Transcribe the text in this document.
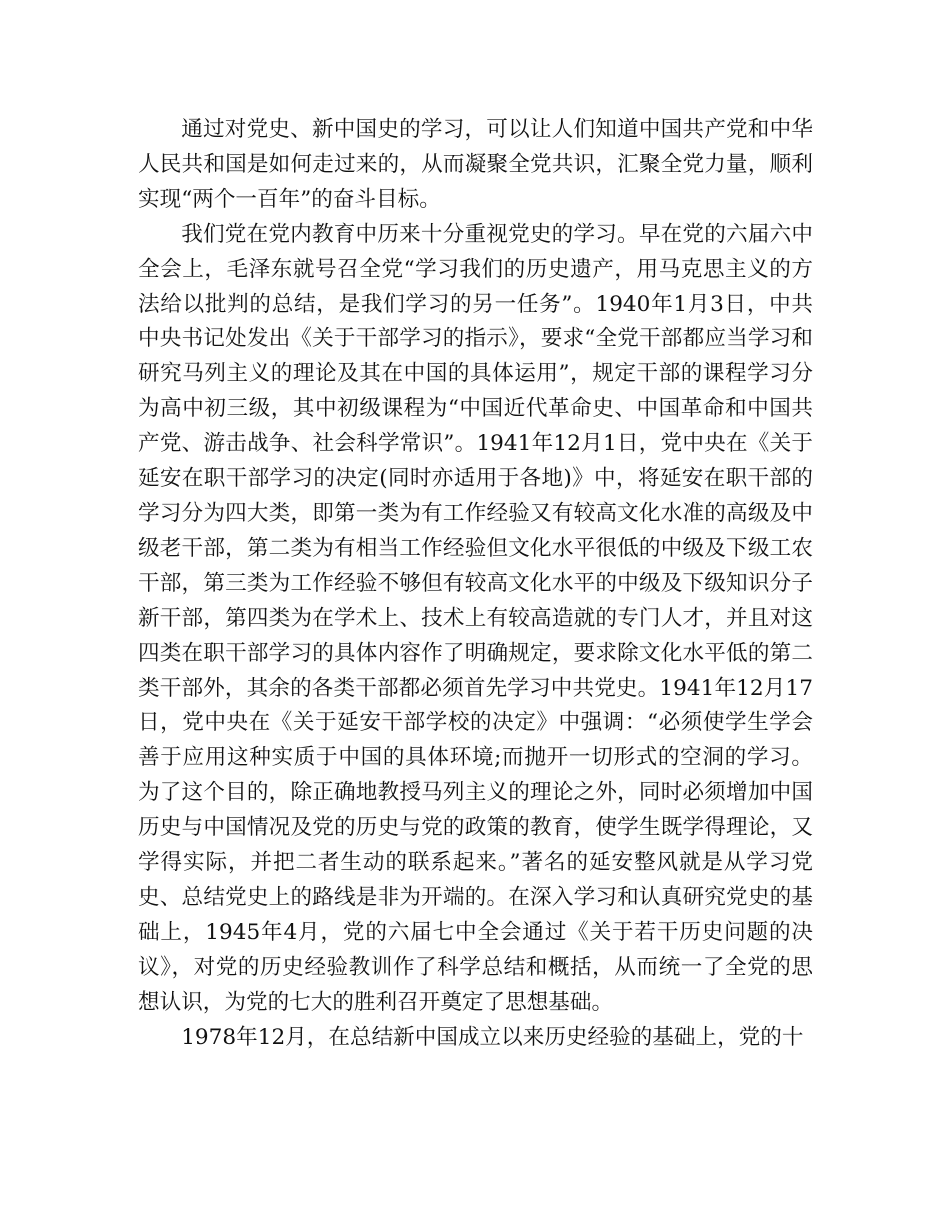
通过对党史、新中国史的学习，可以让人们知道中国共产党和中华人民共和国是如何走过来的，从而凝聚全党共识，汇聚全党力量，顺利实现“两个一百年”的奋斗目标。

我们党在党内教育中历来十分重视党史的学习。早在党的六届六中全会上，毛泽东就号召全党“学习我们的历史遗产，用马克思主义的方法给以批判的总结，是我们学习的另一任务”。1940年1月3日，中共中央书记处发出《关于干部学习的指示》，要求“全党干部都应当学习和研究马列主义的理论及其在中国的具体运用”，规定干部的课程学习分为高中初三级，其中初级课程为“中国近代革命史、中国革命和中国共产党、游击战争、社会科学常识”。1941年12月1日，党中央在《关于延安在职干部学习的决定(同时亦适用于各地)》中，将延安在职干部的学习分为四大类，即第一类为有工作经验又有较高文化水准的高级及中级老干部，第二类为有相当工作经验但文化水平很低的中级及下级工农干部，第三类为工作经验不够但有较高文化水平的中级及下级知识分子新干部，第四类为在学术上、技术上有较高造就的专门人才，并且对这四类在职干部学习的具体内容作了明确规定，要求除文化水平低的第二类干部外，其余的各类干部都必须首先学习中共党史。1941年12月17日，党中央在《关于延安干部学校的决定》中强调：“必须使学生学会善于应用这种实质于中国的具体环境;而抛开一切形式的空洞的学习。为了这个目的，除正确地教授马列主义的理论之外，同时必须增加中国历史与中国情况及党的历史与党的政策的教育，使学生既学得理论，又学得实际，并把二者生动的联系起来。”著名的延安整风就是从学习党史、总结党史上的路线是非为开端的。在深入学习和认真研究党史的基础上，1945年4月，党的六届七中全会通过《关于若干历史问题的决议》，对党的历史经验教训作了科学总结和概括，从而统一了全党的思想认识，为党的七大的胜利召开奠定了思想基础。

1978年12月，在总结新中国成立以来历史经验的基础上，党的十
